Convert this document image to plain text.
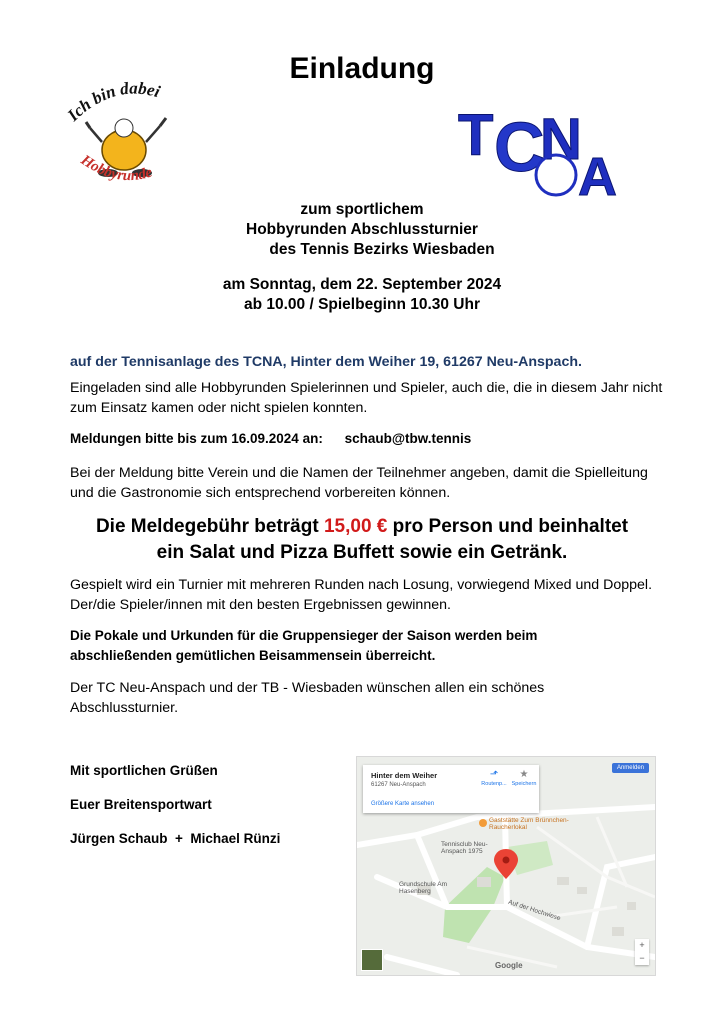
Einladung
Ich bin dabei
Hobbyrunde
T C
N
A
TCNA
zum sportlichem
Hobbyrunden Abschlussturnier
des Tennis Bezirks Wiesbaden
am Sonntag, dem 22. September 2024
ab 10.00 / Spielbeginn 10.30 Uhr
auf der Tennisanlage des TCNA, Hinter dem Weiher 19, 61267 Neu-Anspach.
Eingeladen sind alle Hobbyrunden Spielerinnen und Spieler, auch die, die in diesem Jahr nicht zum Einsatz kamen oder nicht spielen konnten.
Meldungen bitte bis zum 16.09.2024 an: schaub@tbw.tennis
Bei der Meldung bitte Verein und die Namen der Teilnehmer angeben, damit die Spielleitung und die Gastronomie sich entsprechend vorbereiten können.
Die Meldegebühr beträgt 15,00 € pro Person und beinhaltet
ein Salat und Pizza Buffett sowie ein Getränk.
Gespielt wird ein Turnier mit mehreren Runden nach Losung, vorwiegend Mixed und Doppel. Der/die Spieler/innen mit den besten Ergebnissen gewinnen.
Die Pokale und Urkunden für die Gruppensieger der Saison werden beim abschließenden gemütlichen Beisammensein überreicht.
Der TC Neu-Anspach und der TB - Wiesbaden wünschen allen ein schönes Abschlussturnier.
Mit sportlichen Grüßen
Euer Breitensportwart
Jürgen Schaub  +  Michael Rünzi
Hinter dem Weiher
61267 Neu-Anspach
Größere Karte ansehen
⬏
Routenp...
★
Speichern
Anmelden
Tennisclub Neu-Anspach 1975
Grundschule Am Hasenberg
Gaststätte Zum Brünnchen-Raucherlokal
Auf der Hochwiese
Google
+
−
